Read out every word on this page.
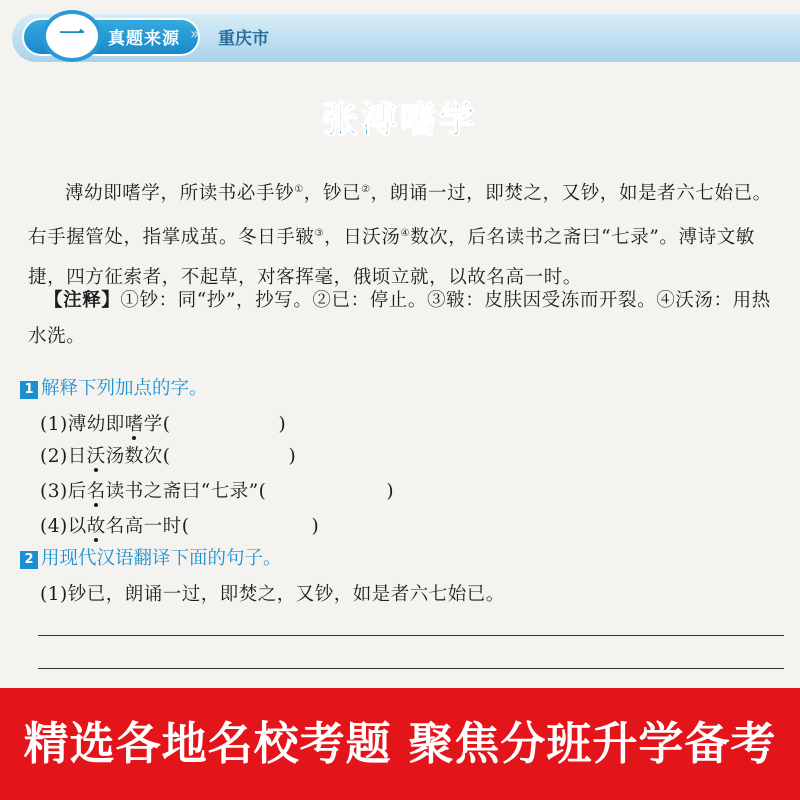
一	真题来源 » 重庆市
张溥嗜学

溥幼即嗜学，所读书必手钞①，钞已②，朗诵一过，即焚之，又钞，如是者六七始已。右手握管处，指掌成茧。冬日手皲③，日沃汤④数次，后名读书之斋曰“七录”。溥诗文敏捷，四方征索者，不起草，对客挥毫，俄顷立就，以故名高一时。

【注释】①钞：同“抄”，抄写。②已：停止。③皲：皮肤因受冻而开裂。④沃汤：用热水洗。
1 解释下列加点的字。
(1)溥幼即嗜学(	)
(2)日沃汤数次(	)
(3)后名读书之斋曰“七录”(	)
(4)以故名高一时(	)
2 用现代汉语翻译下面的句子。
(1)钞已，朗诵一过，即焚之，又钞，如是者六七始已。
精选各地名校考题 聚焦分班升学备考
